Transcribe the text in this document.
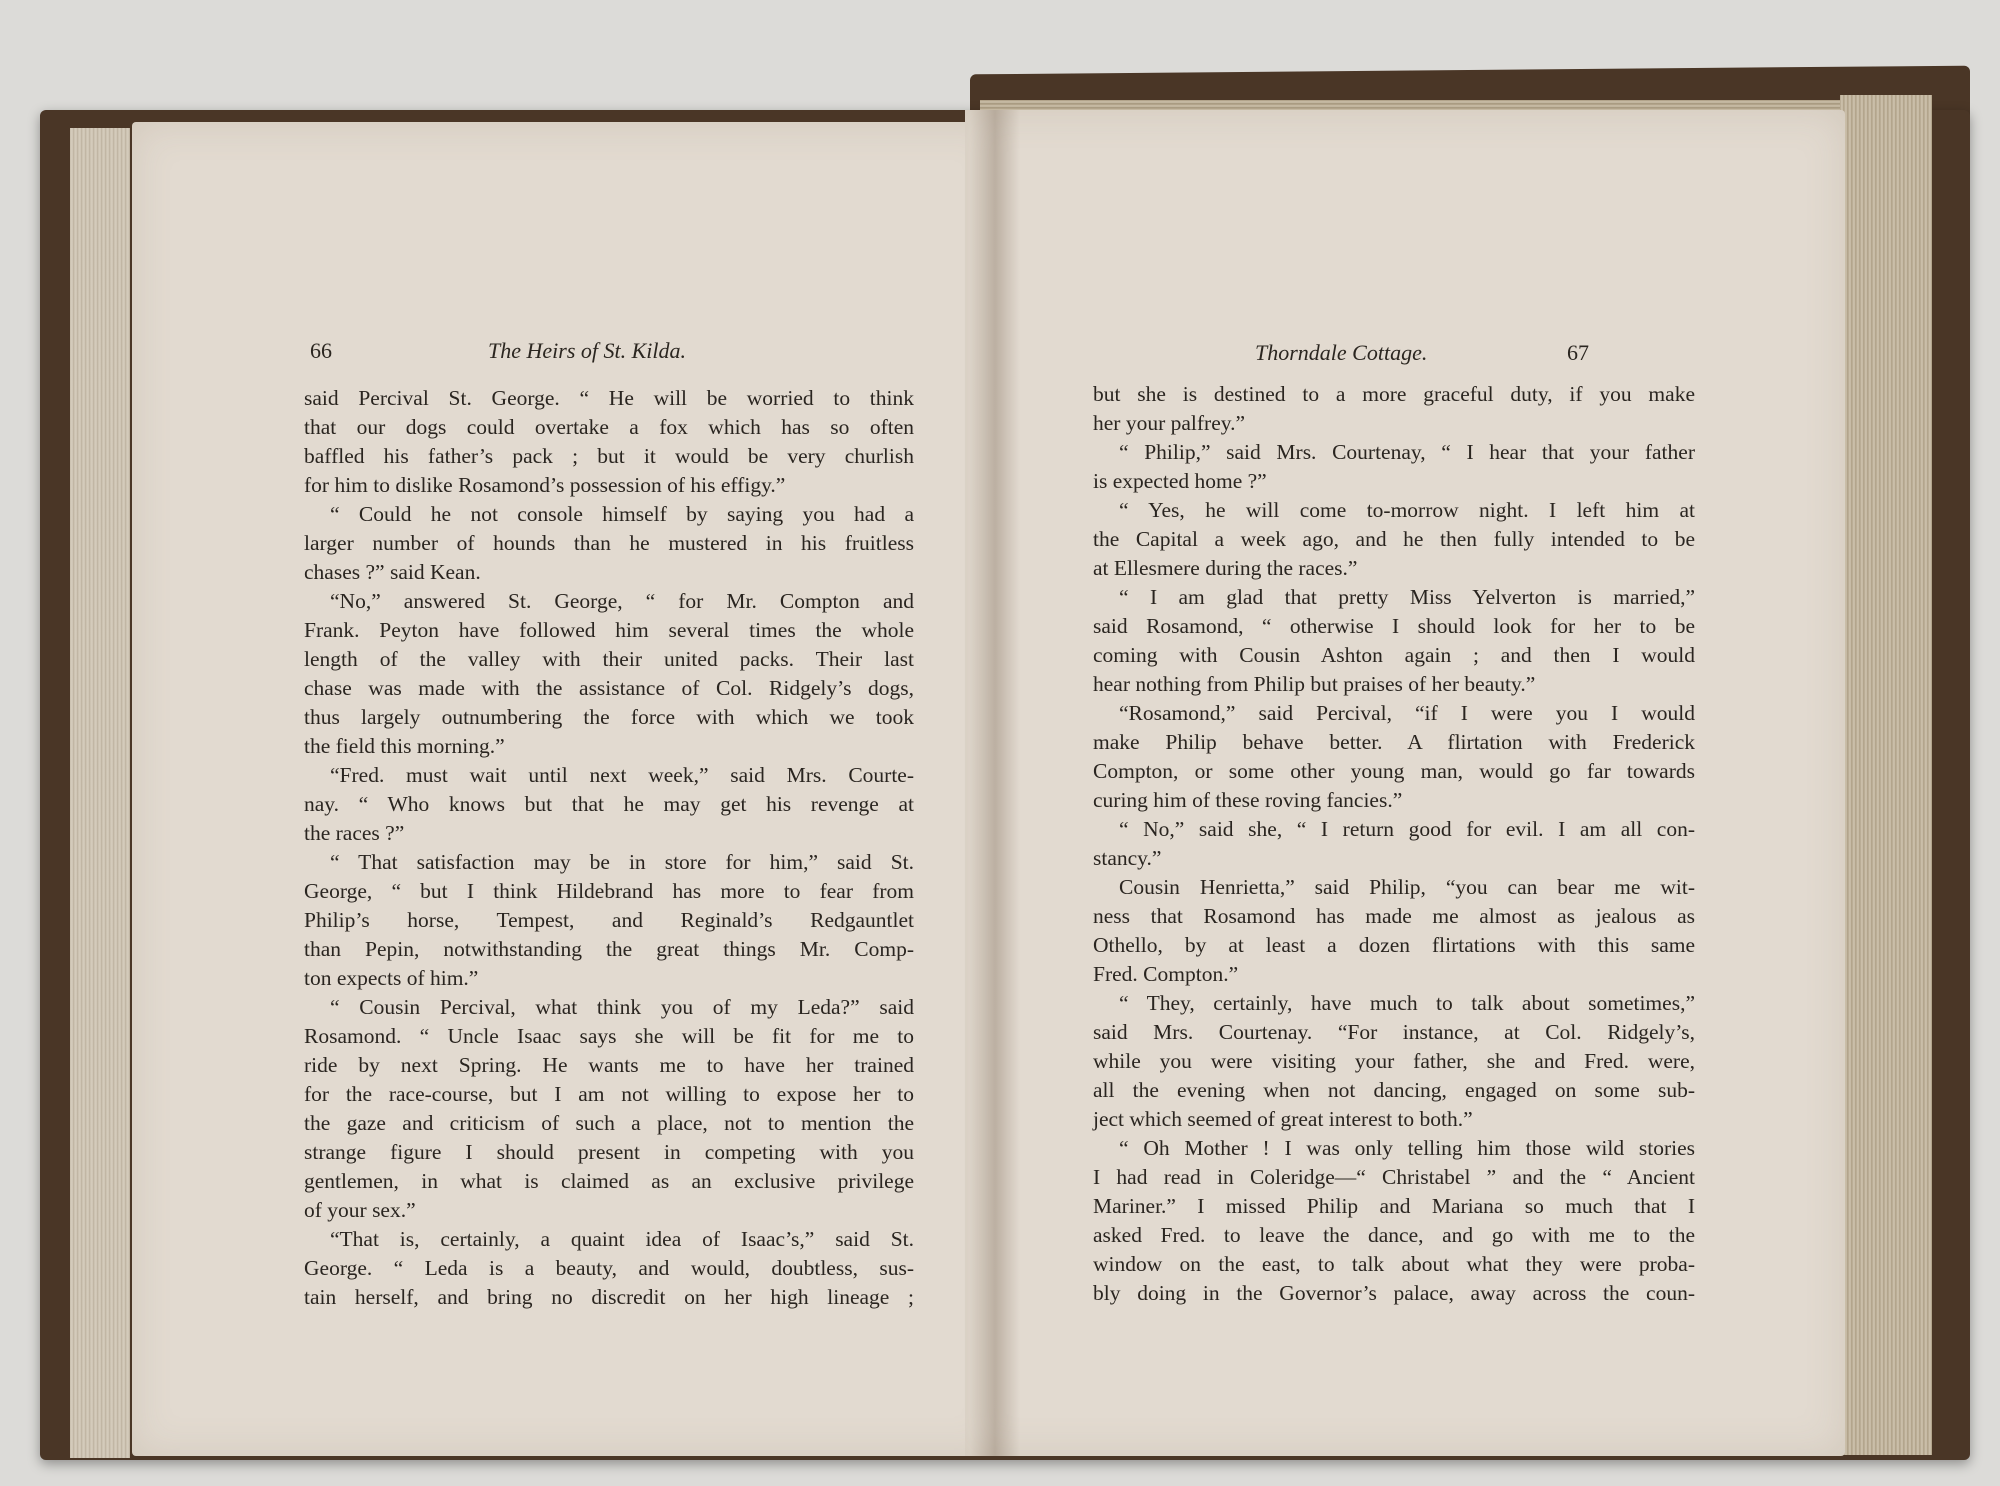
66	The Heirs of St. Kilda.
said Percival St. George. “ He will be worried to think
that our dogs could overtake a fox which has so often
baffled his father’s pack ; but it would be very churlish
for him to dislike Rosamond’s possession of his effigy.”
“ Could he not console himself by saying you had a
larger number of hounds than he mustered in his fruitless
chases ?” said Kean.
“No,” answered St. George, “ for Mr. Compton and
Frank. Peyton have followed him several times the whole
length of the valley with their united packs. Their last
chase was made with the assistance of Col. Ridgely’s dogs,
thus largely outnumbering the force with which we took
the field this morning.”
“Fred. must wait until next week,” said Mrs. Courte-
nay. “ Who knows but that he may get his revenge at
the races ?”
“ That satisfaction may be in store for him,” said St.
George, “ but I think Hildebrand has more to fear from
Philip’s horse, Tempest, and Reginald’s Redgauntlet
than Pepin, notwithstanding the great things Mr. Comp-
ton expects of him.”
“ Cousin Percival, what think you of my Leda?” said
Rosamond. “ Uncle Isaac says she will be fit for me to
ride by next Spring. He wants me to have her trained
for the race-course, but I am not willing to expose her to
the gaze and criticism of such a place, not to mention the
strange figure I should present in competing with you
gentlemen, in what is claimed as an exclusive privilege
of your sex.”
“That is, certainly, a quaint idea of Isaac’s,” said St.
George. “ Leda is a beauty, and would, doubtless, sus-
tain herself, and bring no discredit on her high lineage ;
Thorndale Cottage.	67
but she is destined to a more graceful duty, if you make
her your palfrey.”
“ Philip,” said Mrs. Courtenay, “ I hear that your father
is expected home ?”
“ Yes, he will come to-morrow night. I left him at
the Capital a week ago, and he then fully intended to be
at Ellesmere during the races.”
“ I am glad that pretty Miss Yelverton is married,”
said Rosamond, “ otherwise I should look for her to be
coming with Cousin Ashton again ; and then I would
hear nothing from Philip but praises of her beauty.”
“Rosamond,” said Percival, “if I were you I would
make Philip behave better. A flirtation with Frederick
Compton, or some other young man, would go far towards
curing him of these roving fancies.”
“ No,” said she, “ I return good for evil. I am all con-
stancy.”
Cousin Henrietta,” said Philip, “you can bear me wit-
ness that Rosamond has made me almost as jealous as
Othello, by at least a dozen flirtations with this same
Fred. Compton.”
“ They, certainly, have much to talk about sometimes,”
said Mrs. Courtenay. “For instance, at Col. Ridgely’s,
while you were visiting your father, she and Fred. were,
all the evening when not dancing, engaged on some sub-
ject which seemed of great interest to both.”
“ Oh Mother ! I was only telling him those wild stories
I had read in Coleridge—“ Christabel ” and the “ Ancient
Mariner.” I missed Philip and Mariana so much that I
asked Fred. to leave the dance, and go with me to the
window on the east, to talk about what they were proba-
bly doing in the Governor’s palace, away across the coun-
